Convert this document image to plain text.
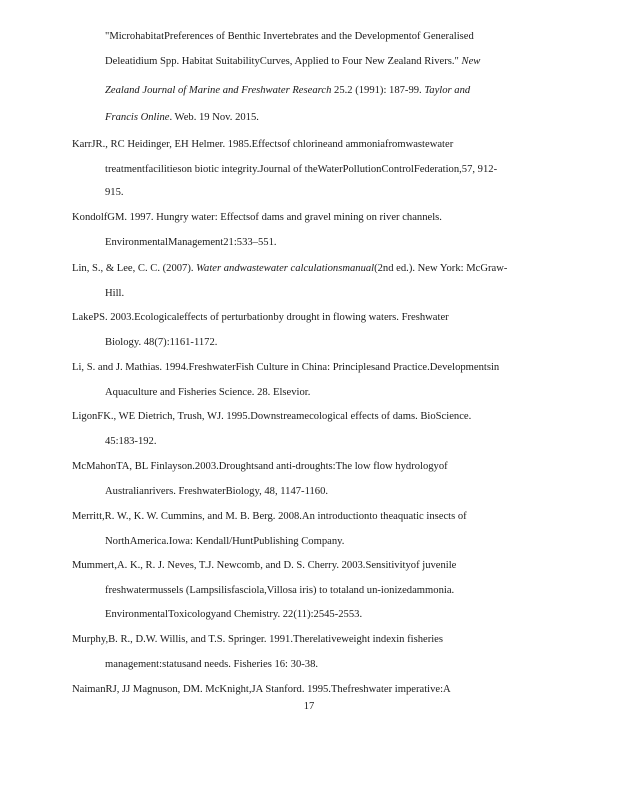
"MicrohabitatPreferences of Benthic Invertebrates and the Developmentof Generalised
Deleatidium Spp. Habitat SuitabilityCurves, Applied to Four New Zealand Rivers." New
Zealand Journal of Marine and Freshwater Research 25.2 (1991): 187-99. Taylor and
Francis Online. Web. 19 Nov. 2015.
KarrJR., RC Heidinger, EH Helmer. 1985.Effectsof chlorineand ammoniafromwastewater
treatmentfacilitieson biotic integrity.Journal of theWaterPollutionControlFederation,57, 912-
915.
KondolfGM. 1997. Hungry water: Effectsof dams and gravel mining on river channels.
EnvironmentalManagement21:533–551.
Lin, S., & Lee, C. C. (2007). Water andwastewater calculationsmanual(2nd ed.). New York: McGraw-
Hill.
LakePS. 2003.Ecologicaleffects of perturbationby drought in flowing waters. Freshwater
Biology. 48(7):1161-1172.
Li, S. and J. Mathias. 1994.FreshwaterFish Culture in China: Principlesand Practice.Developmentsin
Aquaculture and Fisheries Science. 28. Elsevior.
LigonFK., WE Dietrich, Trush, WJ. 1995.Downstreamecological effects of dams. BioScience.
45:183-192.
McMahonTA, BL Finlayson.2003.Droughtsand anti-droughts:The low flow hydrologyof
Australianrivers. FreshwaterBiology, 48, 1147-1160.
Merritt,R. W., K. W. Cummins, and M. B. Berg. 2008.An introductionto theaquatic insects of
NorthAmerica.Iowa: Kendall/HuntPublishing Company.
Mummert,A. K., R. J. Neves, T.J. Newcomb, and D. S. Cherry. 2003.Sensitivityof juvenile
freshwatermussels (Lampsilisfasciola,Villosa iris) to totaland un-ionizedammonia.
EnvironmentalToxicologyand Chemistry. 22(11):2545-2553.
Murphy,B. R., D.W. Willis, and T.S. Springer. 1991.Therelativeweight indexin fisheries
management:statusand needs. Fisheries 16: 30-38.
NaimanRJ, JJ Magnuson, DM. McKnight,JA Stanford. 1995.Thefreshwater imperative:A
17
